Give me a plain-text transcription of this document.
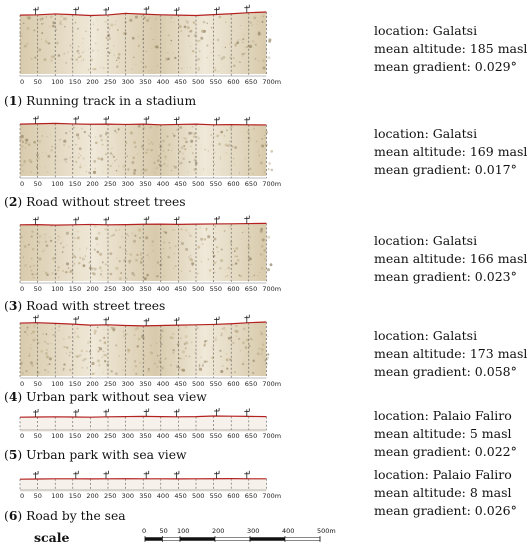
0 50 100 150 200 250 300 350 400 450 500 550 600 650 700m
location: Galatsi
mean altitude: 185 masl
mean gradient: 0.029°
(1) Running track in a stadium
0 50 100 150 200 250 300 350 400 450 500 550 600 650 700m
location: Galatsi
mean altitude: 169 masl
mean gradient: 0.017°
(2) Road without street trees
0 50 100 150 200 250 300 350 400 450 500 550 600 650 700m
location: Galatsi
mean altitude: 166 masl
mean gradient: 0.023°
(3) Road with street trees
0 50 100 150 200 250 300 350 400 450 500 550 600 650 700m
location: Galatsi
mean altitude: 173 masl
mean gradient: 0.058°
(4) Urban park without sea view
0 50 100 150 200 250 300 350 400 450 500 550 600 650 700m
location: Palaio Faliro
mean altitude: 5 masl
mean gradient: 0.022°
(5) Urban park with sea view
0 50 100 150 200 250 300 350 400 450 500 550 600 650 700m
location: Palaio Faliro
mean altitude: 8 masl
mean gradient: 0.026°
(6) Road by the sea
scale	0 50 100	200	300	400	500m
